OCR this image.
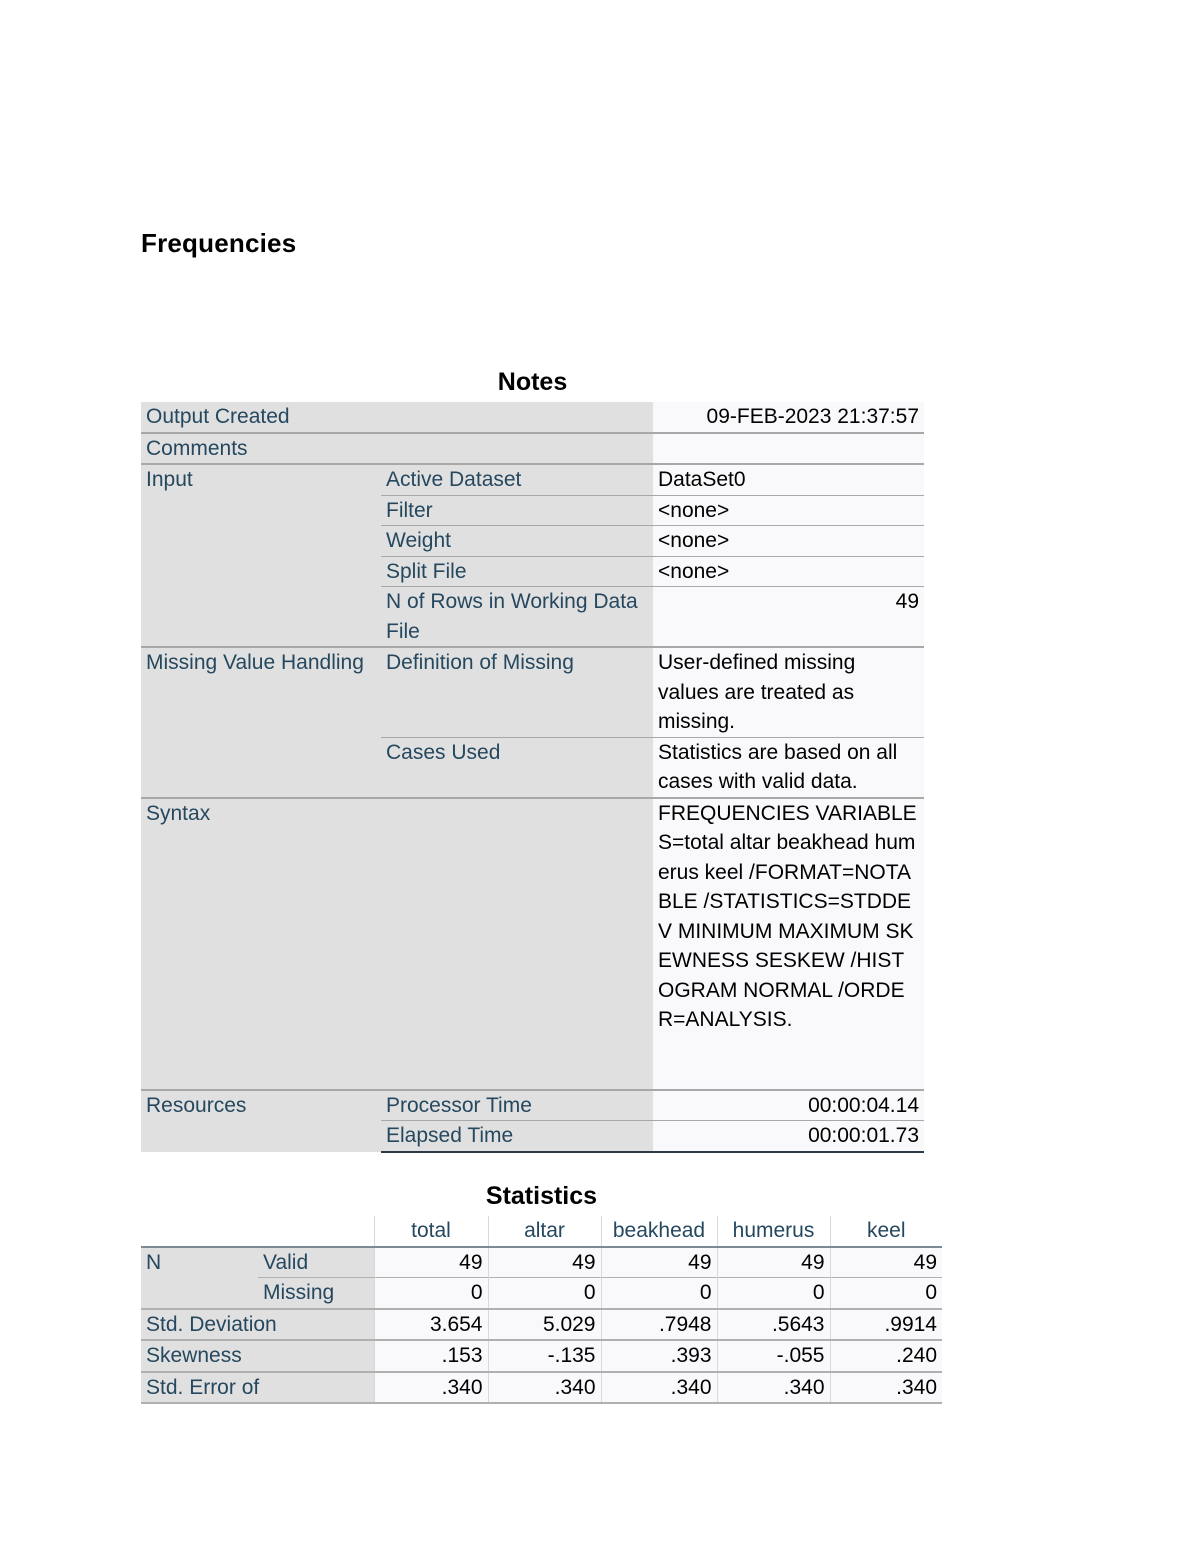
Frequencies
Notes
Output Created		09-FEB-2023 21:37:57
Comments		
Input	Active Dataset	DataSet0
	Filter	<none>
	Weight	<none>
	Split File	<none>
	N of Rows in Working Data File	49
Missing Value Handling	Definition of Missing	User-defined missing values are treated as missing.
	Cases Used	Statistics are based on all cases with valid data.
Syntax		FREQUENCIES VARIABLES=total altar beakhead humerus keel /FORMAT=NOTABLE /STATISTICS=STDDEV MINIMUM MAXIMUM SKEWNESS SESKEW /HISTOGRAM NORMAL /ORDER=ANALYSIS.
Resources	Processor Time	00:00:04.14
	Elapsed Time	00:00:01.73
Statistics
		total	altar	beakhead	humerus	keel
N	Valid	49	49	49	49	49
	Missing	0	0	0	0	0
Std. Deviation		3.654	5.029	.7948	.5643	.9914
Skewness		.153	-.135	.393	-.055	.240
Std. Error of		.340	.340	.340	.340	.340
